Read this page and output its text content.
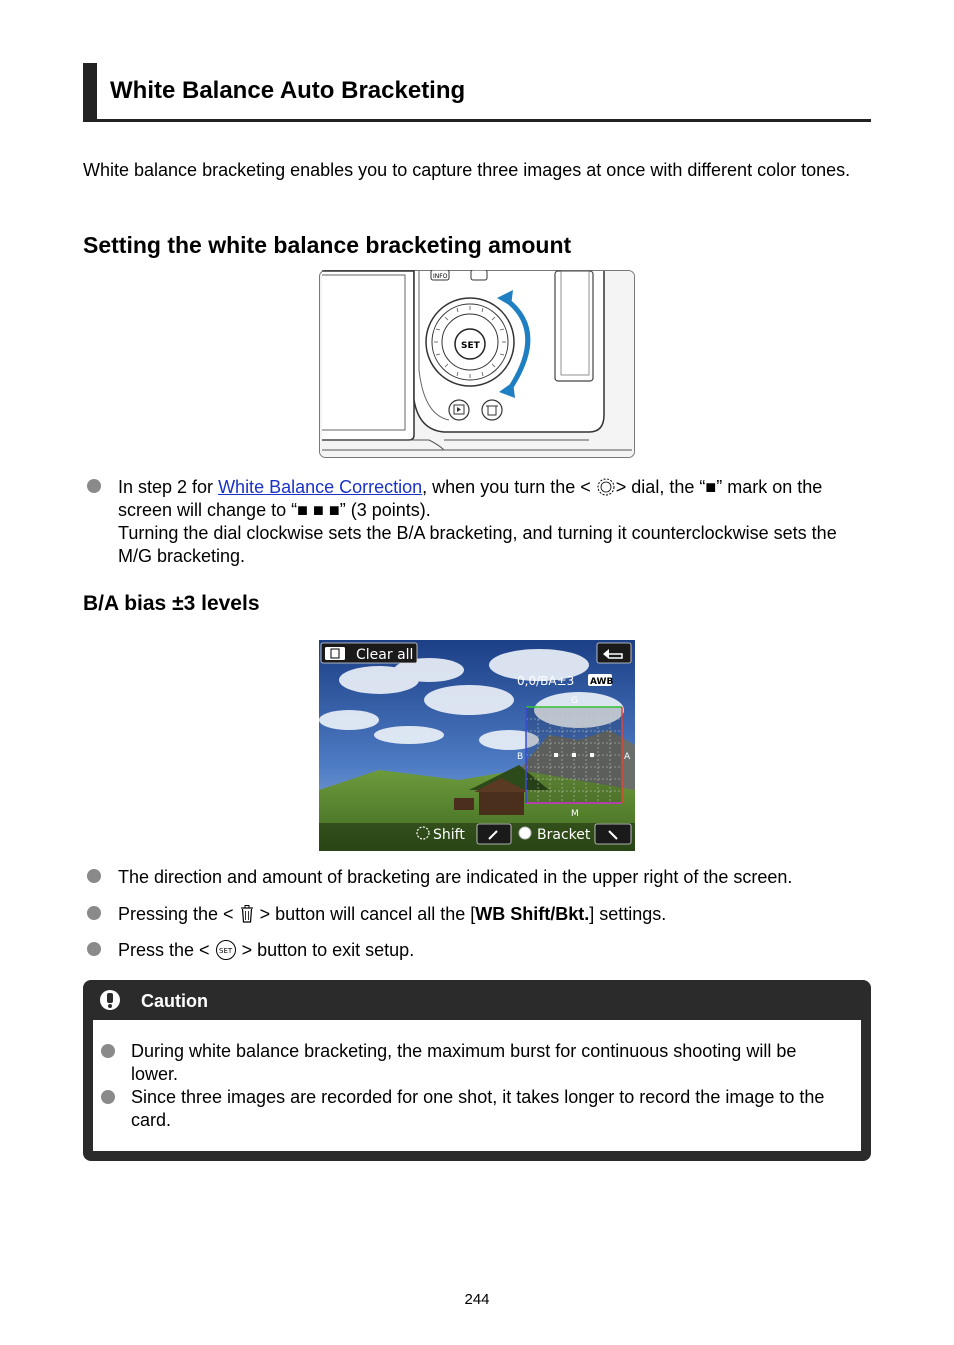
White Balance Auto Bracketing
White balance bracketing enables you to capture three images at once with different color tones.
Setting the white balance bracketing amount
INFO
SET
In step 2 for White Balance Correction, when you turn the < > dial, the “■” mark on the screen will change to “■ ■ ■” (3 points).
Turning the dial clockwise sets the B/A bracketing, and turning it counterclockwise sets the M/G bracketing.
B/A bias ±3 levels
Clear all
0,0/BA±3 AWB
G
B	A
M
Shift	Bracket
The direction and amount of bracketing are indicated in the upper right of the screen.
Pressing the < > button will cancel all the [WB Shift/Bkt.] settings.
Press the < SET > button to exit setup.
Caution
During white balance bracketing, the maximum burst for continuous shooting will be lower.
Since three images are recorded for one shot, it takes longer to record the image to the card.
244
